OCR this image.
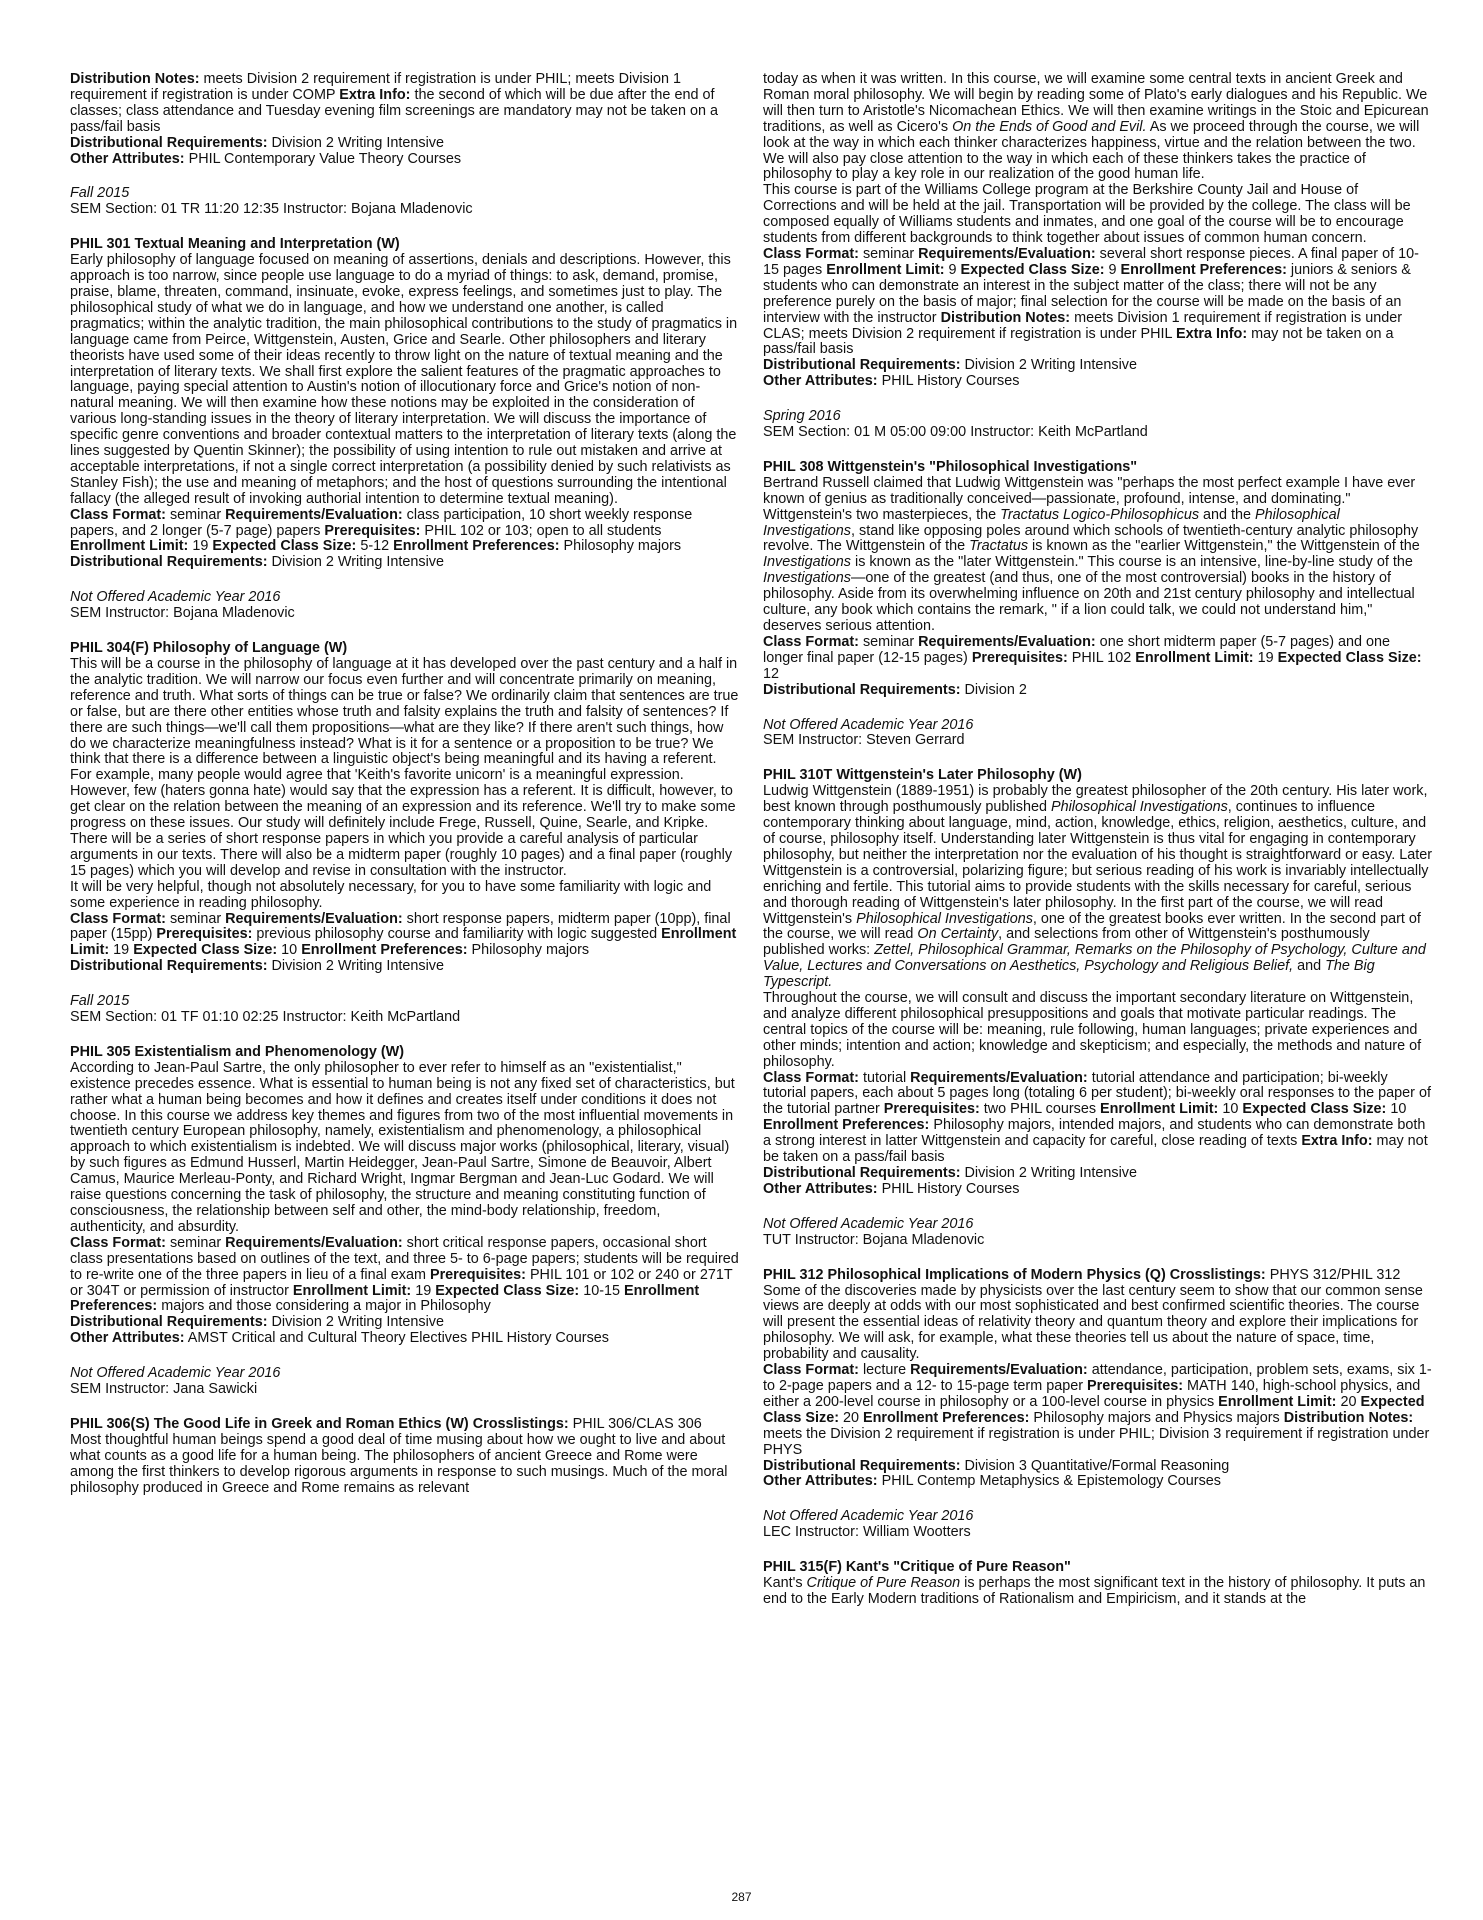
Distribution Notes: meets Division 2 requirement if registration is under PHIL; meets Division 1 requirement if registration is under COMP Extra Info: the second of which will be due after the end of classes; class attendance and Tuesday evening film screenings are mandatory may not be taken on a pass/fail basis

Distributional Requirements: Division 2 Writing Intensive

Other Attributes: PHIL Contemporary Value Theory Courses

Fall 2015

SEM Section: 01 TR 11:20 12:35 Instructor: Bojana Mladenovic

PHIL 301 Textual Meaning and Interpretation (W)

Early philosophy of language focused on meaning of assertions, denials and descriptions. However, this approach is too narrow, since people use language to do a myriad of things: to ask, demand, promise, praise, blame, threaten, command, insinuate, evoke, express feelings, and sometimes just to play. The philosophical study of what we do in language, and how we understand one another, is called pragmatics; within the analytic tradition, the main philosophical contributions to the study of pragmatics in language came from Peirce, Wittgenstein, Austen, Grice and Searle. Other philosophers and literary theorists have used some of their ideas recently to throw light on the nature of textual meaning and the interpretation of literary texts. We shall first explore the salient features of the pragmatic approaches to language, paying special attention to Austin's notion of illocutionary force and Grice's notion of non-natural meaning. We will then examine how these notions may be exploited in the consideration of various long-standing issues in the theory of literary interpretation. We will discuss the importance of specific genre conventions and broader contextual matters to the interpretation of literary texts (along the lines suggested by Quentin Skinner); the possibility of using intention to rule out mistaken and arrive at acceptable interpretations, if not a single correct interpretation (a possibility denied by such relativists as Stanley Fish); the use and meaning of metaphors; and the host of questions surrounding the intentional fallacy (the alleged result of invoking authorial intention to determine textual meaning).

Class Format: seminar Requirements/Evaluation: class participation, 10 short weekly response papers, and 2 longer (5-7 page) papers Prerequisites: PHIL 102 or 103; open to all students Enrollment Limit: 19 Expected Class Size: 5-12 Enrollment Preferences: Philosophy majors

Distributional Requirements: Division 2 Writing Intensive

Not Offered Academic Year 2016

SEM Instructor: Bojana Mladenovic

PHIL 304(F) Philosophy of Language (W)

This will be a course in the philosophy of language at it has developed over the past century and a half in the analytic tradition. We will narrow our focus even further and will concentrate primarily on meaning, reference and truth. What sorts of things can be true or false? We ordinarily claim that sentences are true or false, but are there other entities whose truth and falsity explains the truth and falsity of sentences? If there are such things—we'll call them propositions—what are they like? If there aren't such things, how do we characterize meaningfulness instead? What is it for a sentence or a proposition to be true? We think that there is a difference between a linguistic object's being meaningful and its having a referent. For example, many people would agree that 'Keith's favorite unicorn' is a meaningful expression. However, few (haters gonna hate) would say that the expression has a referent. It is difficult, however, to get clear on the relation between the meaning of an expression and its reference. We'll try to make some progress on these issues. Our study will definitely include Frege, Russell, Quine, Searle, and Kripke.

There will be a series of short response papers in which you provide a careful analysis of particular arguments in our texts. There will also be a midterm paper (roughly 10 pages) and a final paper (roughly 15 pages) which you will develop and revise in consultation with the instructor.

It will be very helpful, though not absolutely necessary, for you to have some familiarity with logic and some experience in reading philosophy.

Class Format: seminar Requirements/Evaluation: short response papers, midterm paper (10pp), final paper (15pp) Prerequisites: previous philosophy course and familiarity with logic suggested Enrollment Limit: 19 Expected Class Size: 10 Enrollment Preferences: Philosophy majors

Distributional Requirements: Division 2 Writing Intensive

Fall 2015

SEM Section: 01 TF 01:10 02:25 Instructor: Keith McPartland

PHIL 305 Existentialism and Phenomenology (W)

According to Jean-Paul Sartre, the only philosopher to ever refer to himself as an "existentialist," existence precedes essence. What is essential to human being is not any fixed set of characteristics, but rather what a human being becomes and how it defines and creates itself under conditions it does not choose. In this course we address key themes and figures from two of the most influential movements in twentieth century European philosophy, namely, existentialism and phenomenology, a philosophical approach to which existentialism is indebted. We will discuss major works (philosophical, literary, visual) by such figures as Edmund Husserl, Martin Heidegger, Jean-Paul Sartre, Simone de Beauvoir, Albert Camus, Maurice Merleau-Ponty, and Richard Wright, Ingmar Bergman and Jean-Luc Godard. We will raise questions concerning the task of philosophy, the structure and meaning constituting function of consciousness, the relationship between self and other, the mind-body relationship, freedom, authenticity, and absurdity.

Class Format: seminar Requirements/Evaluation: short critical response papers, occasional short class presentations based on outlines of the text, and three 5- to 6-page papers; students will be required to re-write one of the three papers in lieu of a final exam Prerequisites: PHIL 101 or 102 or 240 or 271T or 304T or permission of instructor Enrollment Limit: 19 Expected Class Size: 10-15 Enrollment Preferences: majors and those considering a major in Philosophy

Distributional Requirements: Division 2 Writing Intensive

Other Attributes: AMST Critical and Cultural Theory Electives PHIL History Courses

Not Offered Academic Year 2016

SEM Instructor: Jana Sawicki

PHIL 306(S) The Good Life in Greek and Roman Ethics (W) Crosslistings: PHIL 306/CLAS 306

Most thoughtful human beings spend a good deal of time musing about how we ought to live and about what counts as a good life for a human being. The philosophers of ancient Greece and Rome were among the first thinkers to develop rigorous arguments in response to such musings. Much of the moral philosophy produced in Greece and Rome remains as relevant

today as when it was written. In this course, we will examine some central texts in ancient Greek and Roman moral philosophy. We will begin by reading some of Plato's early dialogues and his Republic. We will then turn to Aristotle's Nicomachean Ethics. We will then examine writings in the Stoic and Epicurean traditions, as well as Cicero's On the Ends of Good and Evil. As we proceed through the course, we will look at the way in which each thinker characterizes happiness, virtue and the relation between the two. We will also pay close attention to the way in which each of these thinkers takes the practice of philosophy to play a key role in our realization of the good human life.

This course is part of the Williams College program at the Berkshire County Jail and House of Corrections and will be held at the jail. Transportation will be provided by the college. The class will be composed equally of Williams students and inmates, and one goal of the course will be to encourage students from different backgrounds to think together about issues of common human concern.

Class Format: seminar Requirements/Evaluation: several short response pieces. A final paper of 10-15 pages Enrollment Limit: 9 Expected Class Size: 9 Enrollment Preferences: juniors & seniors & students who can demonstrate an interest in the subject matter of the class; there will not be any preference purely on the basis of major; final selection for the course will be made on the basis of an interview with the instructor Distribution Notes: meets Division 1 requirement if registration is under CLAS; meets Division 2 requirement if registration is under PHIL Extra Info: may not be taken on a pass/fail basis

Distributional Requirements: Division 2 Writing Intensive

Other Attributes: PHIL History Courses

Spring 2016

SEM Section: 01 M 05:00 09:00 Instructor: Keith McPartland

PHIL 308 Wittgenstein's "Philosophical Investigations"

Bertrand Russell claimed that Ludwig Wittgenstein was "perhaps the most perfect example I have ever known of genius as traditionally conceived—passionate, profound, intense, and dominating." Wittgenstein's two masterpieces, the Tractatus Logico-Philosophicus and the Philosophical Investigations, stand like opposing poles around which schools of twentieth-century analytic philosophy revolve. The Wittgenstein of the Tractatus is known as the "earlier Wittgenstein," the Wittgenstein of the Investigations is known as the "later Wittgenstein." This course is an intensive, line-by-line study of the Investigations—one of the greatest (and thus, one of the most controversial) books in the history of philosophy. Aside from its overwhelming influence on 20th and 21st century philosophy and intellectual culture, any book which contains the remark, " if a lion could talk, we could not understand him," deserves serious attention.

Class Format: seminar Requirements/Evaluation: one short midterm paper (5-7 pages) and one longer final paper (12-15 pages) Prerequisites: PHIL 102 Enrollment Limit: 19 Expected Class Size: 12

Distributional Requirements: Division 2

Not Offered Academic Year 2016

SEM Instructor: Steven Gerrard

PHIL 310T Wittgenstein's Later Philosophy (W)

Ludwig Wittgenstein (1889-1951) is probably the greatest philosopher of the 20th century. His later work, best known through posthumously published Philosophical Investigations, continues to influence contemporary thinking about language, mind, action, knowledge, ethics, religion, aesthetics, culture, and of course, philosophy itself. Understanding later Wittgenstein is thus vital for engaging in contemporary philosophy, but neither the interpretation nor the evaluation of his thought is straightforward or easy. Later Wittgenstein is a controversial, polarizing figure; but serious reading of his work is invariably intellectually enriching and fertile. This tutorial aims to provide students with the skills necessary for careful, serious and thorough reading of Wittgenstein's later philosophy. In the first part of the course, we will read Wittgenstein's Philosophical Investigations, one of the greatest books ever written. In the second part of the course, we will read On Certainty, and selections from other of Wittgenstein's posthumously published works: Zettel, Philosophical Grammar, Remarks on the Philosophy of Psychology, Culture and Value, Lectures and Conversations on Aesthetics, Psychology and Religious Belief, and The Big Typescript.

Throughout the course, we will consult and discuss the important secondary literature on Wittgenstein, and analyze different philosophical presuppositions and goals that motivate particular readings. The central topics of the course will be: meaning, rule following, human languages; private experiences and other minds; intention and action; knowledge and skepticism; and especially, the methods and nature of philosophy.

Class Format: tutorial Requirements/Evaluation: tutorial attendance and participation; bi-weekly tutorial papers, each about 5 pages long (totaling 6 per student); bi-weekly oral responses to the paper of the tutorial partner Prerequisites: two PHIL courses Enrollment Limit: 10 Expected Class Size: 10 Enrollment Preferences: Philosophy majors, intended majors, and students who can demonstrate both a strong interest in latter Wittgenstein and capacity for careful, close reading of texts Extra Info: may not be taken on a pass/fail basis

Distributional Requirements: Division 2 Writing Intensive

Other Attributes: PHIL History Courses

Not Offered Academic Year 2016

TUT Instructor: Bojana Mladenovic

PHIL 312 Philosophical Implications of Modern Physics (Q) Crosslistings: PHYS 312/PHIL 312

Some of the discoveries made by physicists over the last century seem to show that our common sense views are deeply at odds with our most sophisticated and best confirmed scientific theories. The course will present the essential ideas of relativity theory and quantum theory and explore their implications for philosophy. We will ask, for example, what these theories tell us about the nature of space, time, probability and causality.

Class Format: lecture Requirements/Evaluation: attendance, participation, problem sets, exams, six 1- to 2-page papers and a 12- to 15-page term paper Prerequisites: MATH 140, high-school physics, and either a 200-level course in philosophy or a 100-level course in physics Enrollment Limit: 20 Expected Class Size: 20 Enrollment Preferences: Philosophy majors and Physics majors Distribution Notes: meets the Division 2 requirement if registration is under PHIL; Division 3 requirement if registration under PHYS

Distributional Requirements: Division 3 Quantitative/Formal Reasoning

Other Attributes: PHIL Contemp Metaphysics & Epistemology Courses

Not Offered Academic Year 2016

LEC Instructor: William Wootters

PHIL 315(F) Kant's "Critique of Pure Reason"

Kant's Critique of Pure Reason is perhaps the most significant text in the history of philosophy. It puts an end to the Early Modern traditions of Rationalism and Empiricism, and it stands at the

287
